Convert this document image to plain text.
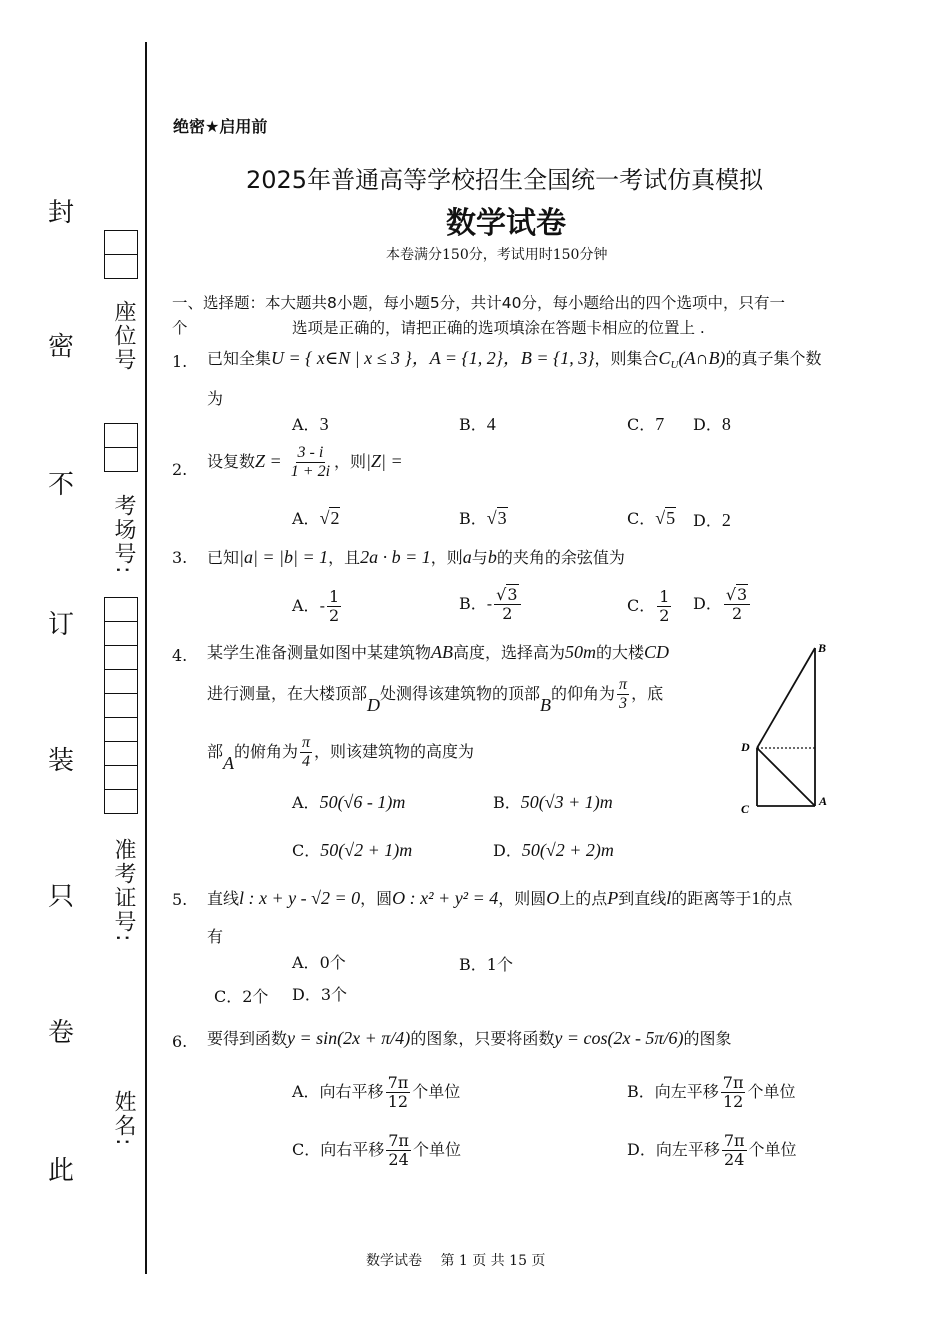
封
密
不
订
装
只
卷
此
座位号
考场号:
准考证号:
姓名:
绝密★启用前
2025年普通高等学校招生全国统一考试仿真模拟
数学试卷
本卷满分150分，考试用时150分钟
一、选择题：本大题共8小题，每小题5分，共计40分，每小题给出的四个选项中，只有一
个	选项是正确的，请把正确的选项填涂在答题卡相应的位置上 .
1. 已知全集U = { x∈N | x ≤ 3 }，A = {1, 2}，B = {1, 3}，则集合$C_U(A\cap B)$的真子集个数
为
A．3	B．4	C．7 D．8
2. 设复数$Z = \frac{3 - i}{1 + 2i}$ ，则|Z| =
A．√2	B．√3	C．√5 D．2
3. 已知|a| = |b| = 1，且2a · b = 1，则a与b的夹角的余弦值为
A．- $\frac{1}{2}$	B．- $\frac{√3}{2}$	C． $\frac{1}{2}$ D． $\frac{√3}{2}$
4. 某学生准备测量如图中某建筑物AB高度，选择高为50m的大楼CD
进行测量，在大楼顶部D处测得该建筑物的顶部B的仰角为 $\frac{\pi}{3}$ ，底
部A的俯角为 $\frac{\pi}{4}$ ，则该建筑物的高度为
A．50(√6 - 1)m	B．50(√3 + 1)m
C．50(√2 + 1)m	D．50(√2 + 2)m
B
D
C
A
5. 直线l : x + y - √2 = 0，圆O : x² + y² = 4，则圆O上的点P到直线l的距离等于1的点
有
A．0个	B．1个
C．2个 D．3个
6. 要得到函数y = sin(2x + π/4)的图象，只要将函数y = cos(2x - 5π/6)的图象
A．向右平移 $\frac{7\pi}{12}$ 个单位	B．向左平移 $\frac{7\pi}{12}$ 个单位
C．向右平移 $\frac{7\pi}{24}$ 个单位	D．向左平移 $\frac{7\pi}{24}$ 个单位
数学试卷　 第 1 页 共 15 页
